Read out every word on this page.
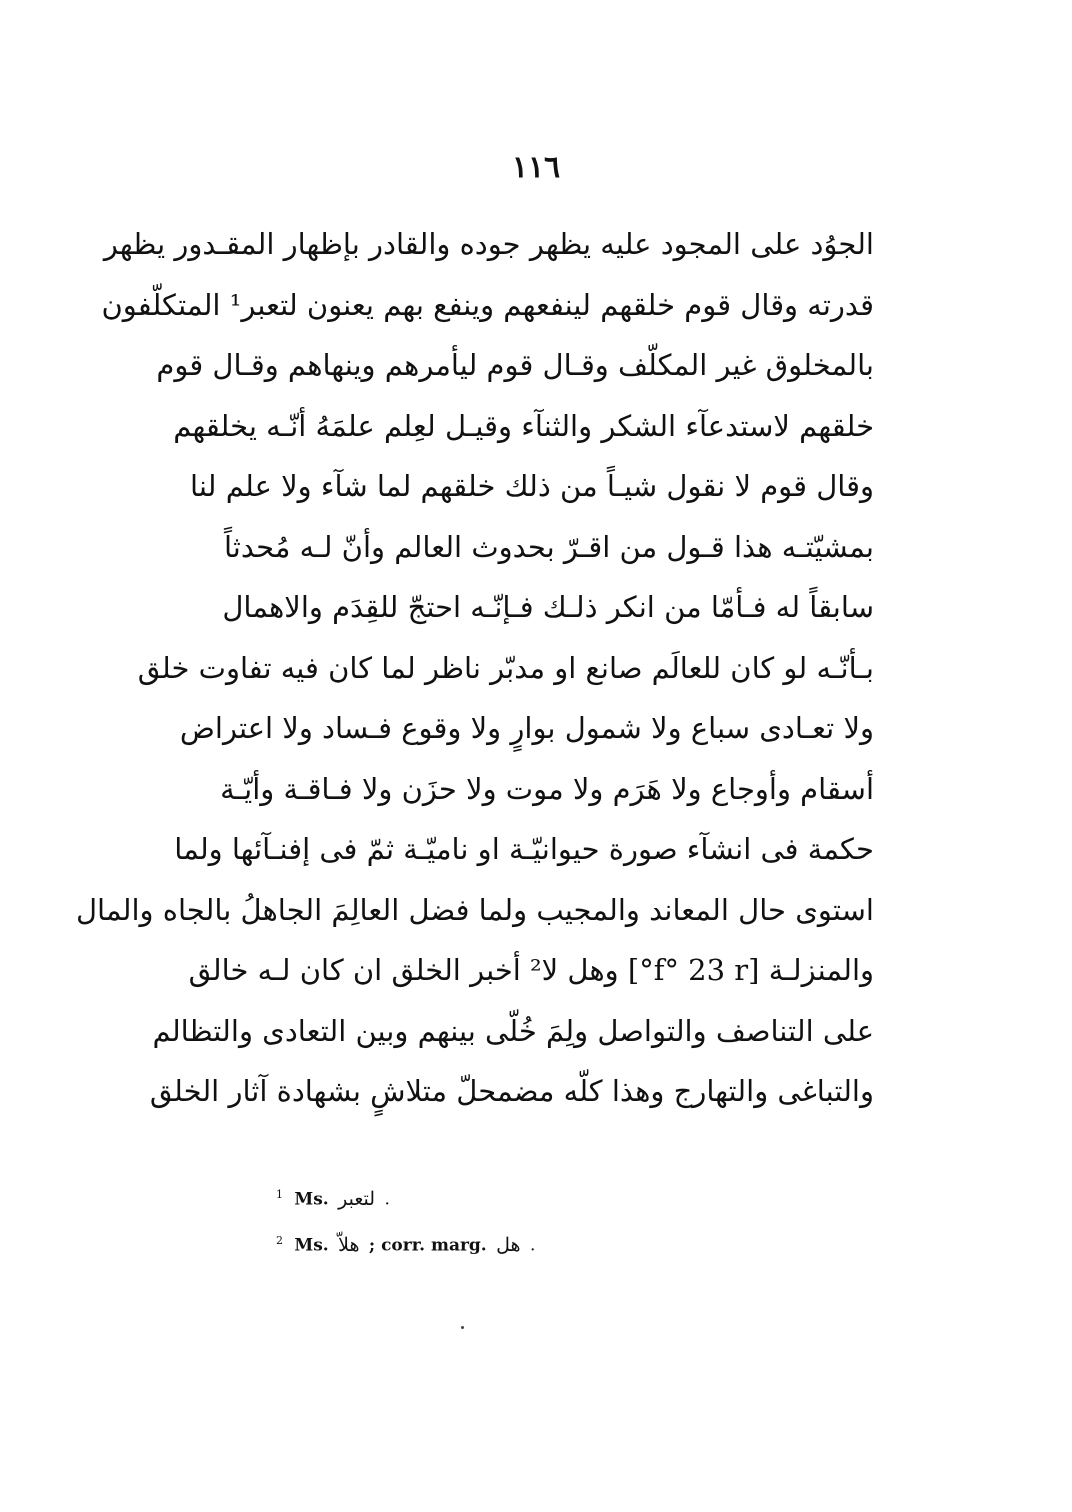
١١٦
الجوُد على المجود عليه يظهر جوده والقادر بإظهار المقـدور يظهر
قدرته وقال قوم خلقهم لينفعهم وينفع بهم يعنون لتعبر¹ المتكلّفون
بالمخلوق غير المكلّف وقـال قوم ليأمرهم وينهاهم وقـال قوم
خلقهم لاستدعآء الشكر والثنآء وقيـل لعِلم علمَهُ أنّـه يخلقهم
وقال قوم لا نقول شيـاً من ذلك خلقهم لما شآء ولا علم لنا
بمشيّتـه هذا قـول من اقـرّ بحدوث العالم وأنّ لـه مُحدثاً
سابقاً له فـأمّا من انكر ذلـك فـإنّـه احتجّ للقِدَم والاهمال
بـأنّـه لو كان للعالَم صانع او مدبّر ناظر لما كان فيه تفاوت خلق
ولا تعـادى سباع ولا شمول بوارٍ ولا وقوع فـساد ولا اعتراض
أسقام وأوجاع ولا هَرَم ولا موت ولا حزَن ولا فـاقـة وأيّـة
حكمة فى انشآء صورة حيوانيّـة او ناميّـة ثمّ فى إفنـآئها ولما
استوى حال المعاند والمجيب ولما فضل العالِمَ الجاهلُ بالجاه والمال
والمنزلـة [f° 23 r°] وهل لا² أخبر الخلق ان كان لـه خالق
على التناصف والتواصل ولِمَ خُلّى بينهم وبين التعادى والتظالم
والتباغى والتهارج وهذا كلّه مضمحلّ متلاشٍ بشهادة آثار الخلق
$^1$ Ms. لتعبر .
$^2$ Ms. هلاّ ; corr. marg. هل .
